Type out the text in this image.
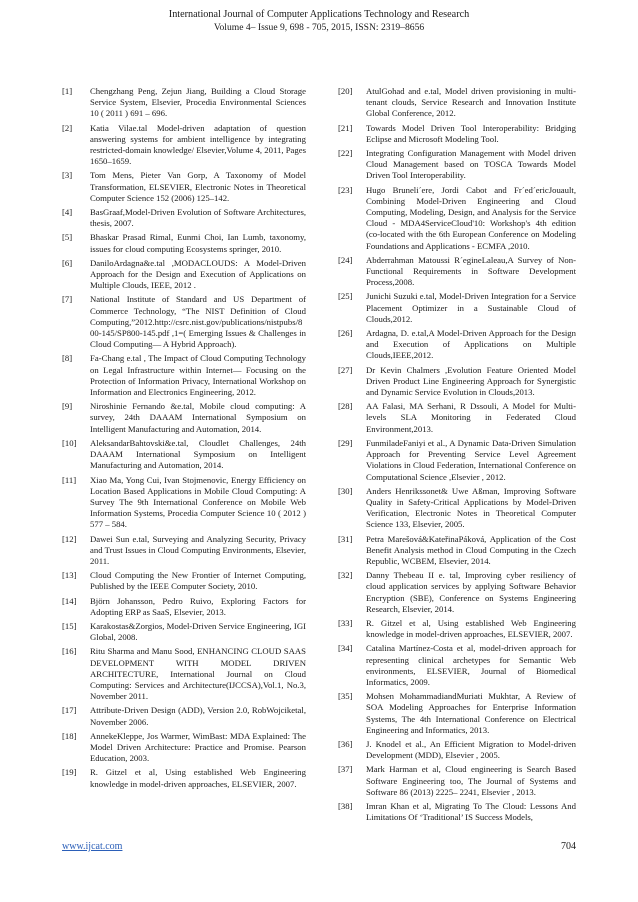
International Journal of Computer Applications Technology and Research
Volume 4– Issue 9, 698 - 705, 2015, ISSN: 2319–8656
[1] Chengzhang Peng, Zejun Jiang, Building a Cloud Storage Service System, Elsevier, Procedia Environmental Sciences 10 ( 2011 ) 691 – 696.
[2] Katia Vilae.tal Model-driven adaptation of question answering systems for ambient intelligence by integrating restricted-domain knowledge/ Elsevier,Volume 4, 2011, Pages 1650–1659.
[3] Tom Mens, Pieter Van Gorp, A Taxonomy of Model Transformation, ELSEVIER, Electronic Notes in Theoretical Computer Science 152 (2006) 125–142.
[4] BasGraaf,Model-Driven Evolution of Software Architectures, thesis, 2007.
[5] Bhaskar Prasad Rimal, Eunmi Choi, Ian Lumb, taxonomy, issues for cloud computing Ecosystems springer, 2010.
[6] DaniloArdagna&e.tal ,MODACLOUDS: A Model-Driven Approach for the Design and Execution of Applications on Multiple Clouds, IEEE, 2012 .
[7] National Institute of Standard and US Department of Commerce Technology, “The NIST Definition of Cloud Computing,”2012.http://csrc.nist.gov/publications/nistpubs/800-145/SP800-145.pdf ,1=( Emerging Issues & Challenges in Cloud Computing— A Hybrid Approach).
[8] Fa-Chang e.tal , The Impact of Cloud Computing Technology on Legal Infrastructure within Internet— Focusing on the Protection of Information Privacy, International Workshop on Information and Electronics Engineering, 2012.
[9] Niroshinie Fernando &e.tal, Mobile cloud computing: A survey, 24th DAAAM International Symposium on Intelligent Manufacturing and Automation, 2014.
[10] AleksandarBahtovski&e.tal, Cloudlet Challenges, 24th DAAAM International Symposium on Intelligent Manufacturing and Automation, 2014.
[11] Xiao Ma, Yong Cui, Ivan Stojmenovic, Energy Efficiency on Location Based Applications in Mobile Cloud Computing: A Survey The 9th International Conference on Mobile Web Information Systems, Procedia Computer Science 10 ( 2012 ) 577 – 584.
[12] Dawei Sun e.tal, Surveying and Analyzing Security, Privacy and Trust Issues in Cloud Computing Environments, Elsevier, 2011.
[13] Cloud Computing the New Frontier of Internet Computing, Published by the IEEE Computer Society, 2010.
[14] Björn Johansson, Pedro Ruivo, Exploring Factors for Adopting ERP as SaaS, Elsevier, 2013.
[15] Karakostas&Zorgios, Model-Driven Service Engineering, IGI Global, 2008.
[16] Ritu Sharma and Manu Sood, ENHANCING CLOUD SAAS DEVELOPMENT WITH MODEL DRIVEN ARCHITECTURE, International Journal on Cloud Computing: Services and Architecture(IJCCSA),Vol.1, No.3, November 2011.
[17] Attribute-Driven Design (ADD), Version 2.0, RobWojciketal, November 2006.
[18] AnnekeKleppe, Jos Warmer, WimBast: MDA Explained: The Model Driven Architecture: Practice and Promise. Pearson Education, 2003.
[19] R. Gitzel et al, Using established Web Engineering knowledge in model-driven approaches, ELSEVIER, 2007.
[20] AtulGohad and e.tal, Model driven provisioning in multi-tenant clouds, Service Research and Innovation Institute Global Conference, 2012.
[21] Towards Model Driven Tool Interoperability: Bridging Eclipse and Microsoft Modeling Tool.
[22] Integrating Configuration Management with Model driven Cloud Management based on TOSCA Towards Model Driven Tool Interoperability.
[23] Hugo Bruneli´ere, Jordi Cabot and Fr´ed´ericJouault, Combining Model-Driven Engineering and Cloud Computing, Modeling, Design, and Analysis for the Service Cloud - MDA4ServiceCloud'10: Workshop's 4th edition (co-located with the 6th European Conference on Modeling Foundations and Applications - ECMFA ,2010.
[24] Abderrahman Matoussi R´egineLaleau,A Survey of Non-Functional Requirements in Software Development Process,2008.
[25] Junichi Suzuki e.tal, Model-Driven Integration for a Service Placement Optimizer in a Sustainable Cloud of Clouds,2012.
[26] Ardagna, D. e.tal,A Model-Driven Approach for the Design and Execution of Applications on Multiple Clouds,IEEE,2012.
[27] Dr Kevin Chalmers ,Evolution Feature Oriented Model Driven Product Line Engineering Approach for Synergistic and Dynamic Service Evolution in Clouds,2013.
[28] AA Falasi, MA Serhani, R Dssouli, A Model for Multi-levels SLA Monitoring in Federated Cloud Environment,2013.
[29] FunmiladeFaniyi et al., A Dynamic Data-Driven Simulation Approach for Preventing Service Level Agreement Violations in Cloud Federation, International Conference on Computational Science ,Elsevier , 2012.
[30] Anders Henrikssonet& Uwe Aßman, Improving Software Quality in Safety-Critical Applications by Model-Driven Verification, Electronic Notes in Theoretical Computer Science 133, Elsevier, 2005.
[31] Petra Marešová&KateřinaPáková, Application of the Cost Benefit Analysis method in Cloud Computing in the Czech Republic, WCBEM, Elsevier, 2014.
[32] Danny Thebeau II e. tal, Improving cyber resiliency of cloud application services by applying Software Behavior Encryption (SBE), Conference on Systems Engineering Research, Elsevier, 2014.
[33] R. Gitzel et al, Using established Web Engineering knowledge in model-driven approaches, ELSEVIER, 2007.
[34] Catalina Martínez-Costa et al, model-driven approach for representing clinical archetypes for Semantic Web environments, ELSEVIER, Journal of Biomedical Informatics, 2009.
[35] Mohsen MohammadiandMuriati Mukhtar, A Review of SOA Modeling Approaches for Enterprise Information Systems, The 4th International Conference on Electrical Engineering and Informatics, 2013.
[36] J. Knodel et al., An Efficient Migration to Model-driven Development (MDD), Elsevier , 2005.
[37] Mark Harman et al, Cloud engineering is Search Based Software Engineering too, The Journal of Systems and Software 86 (2013) 2225– 2241, Elsevier , 2013.
[38] Imran Khan et al, Migrating To The Cloud: Lessons And Limitations Of ‘Traditional’ IS Success Models,
www.ijcat.com	704
